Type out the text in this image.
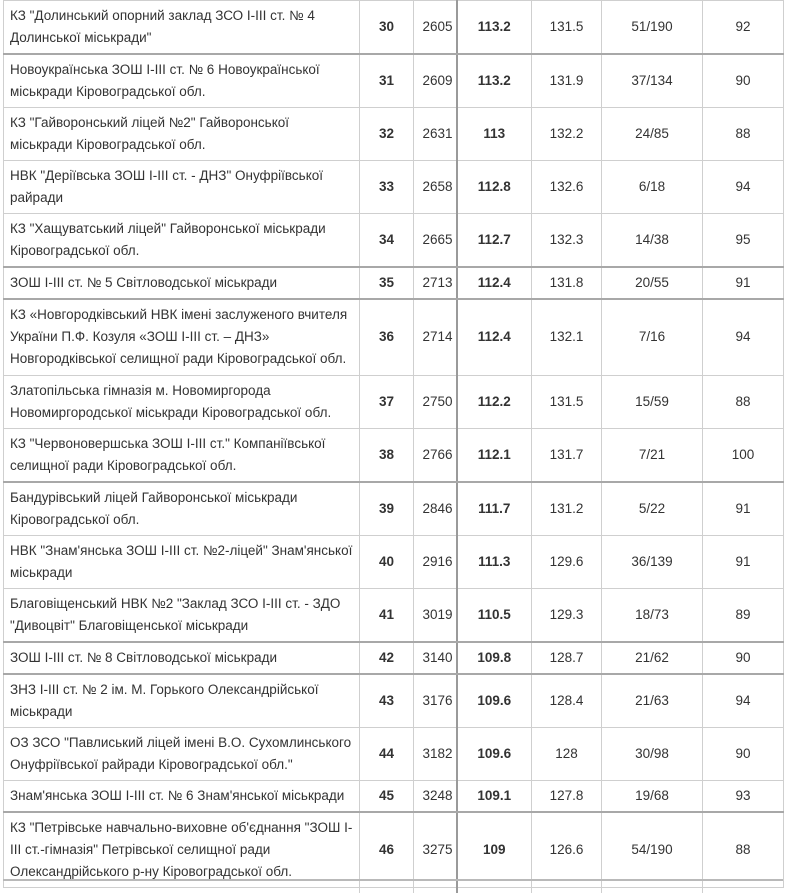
КЗ "Долинський опорний заклад ЗСО І-ІІІ ст. № 4 Долинської міськради"	30	2605	113.2	131.5	51/190	92
Новоукраїнська ЗОШ І-ІІІ ст. № 6 Новоукраїнської міськради Кіровоградської обл.	31	2609	113.2	131.9	37/134	90
КЗ "Гайворонський ліцей №2" Гайворонської міськради Кіровоградської обл.	32	2631	113	132.2	24/85	88
НВК "Деріївська ЗОШ І-ІІІ ст. - ДНЗ" Онуфріївської райради	33	2658	112.8	132.6	6/18	94
КЗ "Хащуватський ліцей" Гайворонської міськради Кіровоградської обл.	34	2665	112.7	132.3	14/38	95
ЗОШ І-ІІІ ст. № 5 Світловодської міськради	35	2713	112.4	131.8	20/55	91
КЗ «Новгородківський НВК імені заслуженого вчителя України П.Ф. Козуля «ЗОШ І-ІІІ ст. – ДНЗ» Новгородківської селищної ради Кіровоградської обл.	36	2714	112.4	132.1	7/16	94
Златопільська гімназія м. Новомиргорода Новомиргородської міськради Кіровоградської обл.	37	2750	112.2	131.5	15/59	88
КЗ "Червоновершська ЗОШ І-ІІІ ст." Компаніївської селищної ради Кіровоградської обл.	38	2766	112.1	131.7	7/21	100
Бандурівський ліцей Гайворонської міськради Кіровоградської обл.	39	2846	111.7	131.2	5/22	91
НВК "Знам'янська ЗОШ І-ІІІ ст. №2-ліцей" Знам'янської міськради	40	2916	111.3	129.6	36/139	91
Благовіщенський НВК №2 "Заклад ЗСО І-ІІІ ст. - ЗДО "Дивоцвіт" Благовіщенської міськради	41	3019	110.5	129.3	18/73	89
ЗОШ І-ІІІ ст. № 8 Світловодської міськради	42	3140	109.8	128.7	21/62	90
ЗНЗ І-ІІІ ст. № 2 ім. М. Горького Олександрійської міськради	43	3176	109.6	128.4	21/63	94
ОЗ ЗСО "Павлиський ліцей імені В.О. Сухомлинського Онуфріївської райради Кіровоградської обл."	44	3182	109.6	128	30/98	90
Знам'янська ЗОШ І-ІІІ ст. № 6 Знам'янської міськради	45	3248	109.1	127.8	19/68	93
КЗ "Петрівське навчально-виховне об'єднання "ЗОШ І-ІІІ ст.-гімназія" Петрівської селищної ради Олександрійського р-ну Кіровоградської обл.	46	3275	109	126.6	54/190	88
